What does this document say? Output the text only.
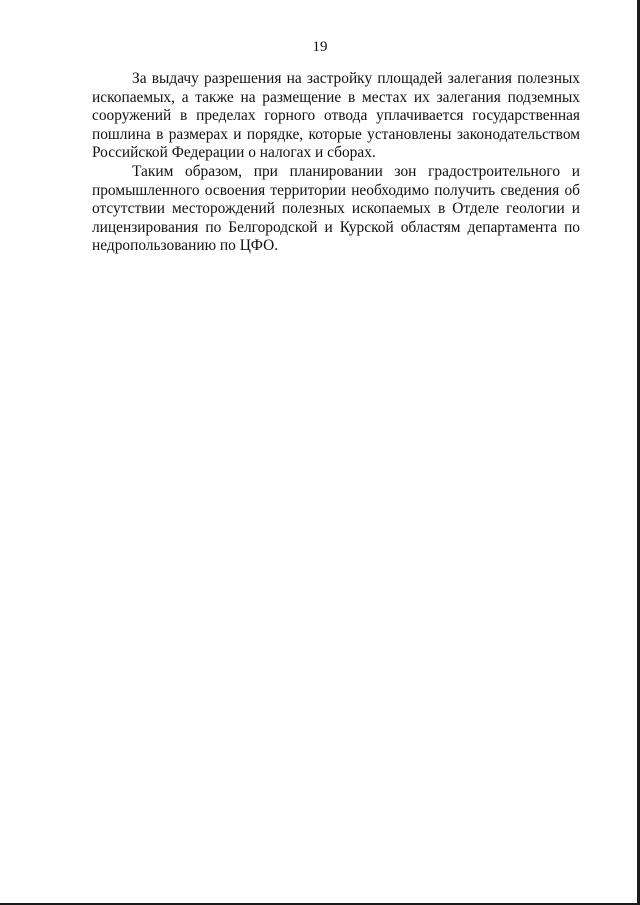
19

За выдачу разрешения на застройку площадей залегания полезных ископаемых, а также на размещение в местах их залегания подземных сооружений в пределах горного отвода уплачивается государственная пошлина в размерах и порядке, которые установлены законодательством Российской Федерации о налогах и сборах.

Таким образом, при планировании зон градостроительного и промышленного освоения территории необходимо получить сведения об отсутствии месторождений полезных ископаемых в Отделе геологии и лицензирования по Белгородской и Курской областям департамента по недропользованию по ЦФО.
